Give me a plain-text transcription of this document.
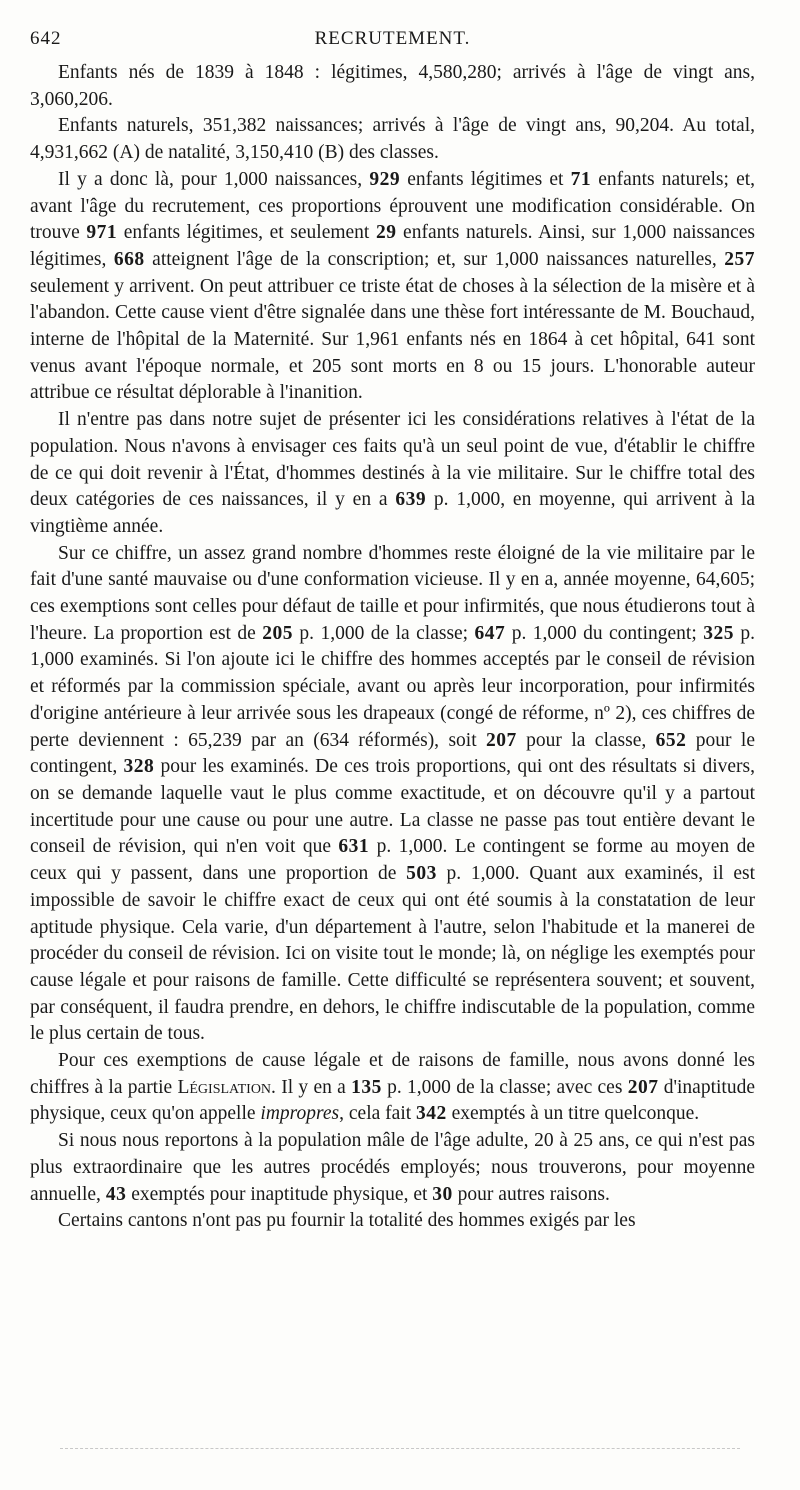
642	RECRUTEMENT.

Enfants nés de 1839 à 1848 : légitimes, 4,580,280; arrivés à l'âge de vingt ans, 3,060,206.

Enfants naturels, 351,382 naissances; arrivés à l'âge de vingt ans, 90,204. Au total, 4,931,662 (A) de natalité, 3,150,410 (B) des classes.

Il y a donc là, pour 1,000 naissances, 929 enfants légitimes et 71 enfants naturels; et, avant l'âge du recrutement, ces proportions éprouvent une modification considérable. On trouve 971 enfants légitimes, et seulement 29 enfants naturels. Ainsi, sur 1,000 naissances légitimes, 668 atteignent l'âge de la conscription; et, sur 1,000 naissances naturelles, 257 seulement y arrivent. On peut attribuer ce triste état de choses à la sélection de la misère et à l'abandon. Cette cause vient d'être signalée dans une thèse fort intéressante de M. Bouchaud, interne de l'hôpital de la Maternité. Sur 1,961 enfants nés en 1864 à cet hôpital, 641 sont venus avant l'époque normale, et 205 sont morts en 8 ou 15 jours. L'honorable auteur attribue ce résultat déplorable à l'inanition.

Il n'entre pas dans notre sujet de présenter ici les considérations relatives à l'état de la population. Nous n'avons à envisager ces faits qu'à un seul point de vue, d'établir le chiffre de ce qui doit revenir à l'État, d'hommes destinés à la vie militaire. Sur le chiffre total des deux catégories de ces naissances, il y en a 639 p. 1,000, en moyenne, qui arrivent à la vingtième année.

Sur ce chiffre, un assez grand nombre d'hommes reste éloigné de la vie militaire par le fait d'une santé mauvaise ou d'une conformation vicieuse. Il y en a, année moyenne, 64,605; ces exemptions sont celles pour défaut de taille et pour infirmités, que nous étudierons tout à l'heure. La proportion est de 205 p. 1,000 de la classe; 647 p. 1,000 du contingent; 325 p. 1,000 examinés. Si l'on ajoute ici le chiffre des hommes acceptés par le conseil de révision et réformés par la commission spéciale, avant ou après leur incorporation, pour infirmités d'origine antérieure à leur arrivée sous les drapeaux (congé de réforme, nº 2), ces chiffres de perte deviennent : 65,239 par an (634 réformés), soit 207 pour la classe, 652 pour le contingent, 328 pour les examinés. De ces trois proportions, qui ont des résultats si divers, on se demande laquelle vaut le plus comme exactitude, et on découvre qu'il y a partout incertitude pour une cause ou pour une autre. La classe ne passe pas tout entière devant le conseil de révision, qui n'en voit que 631 p. 1,000. Le contingent se forme au moyen de ceux qui y passent, dans une proportion de 503 p. 1,000. Quant aux examinés, il est impossible de savoir le chiffre exact de ceux qui ont été soumis à la constatation de leur aptitude physique. Cela varie, d'un département à l'autre, selon l'habitude et la manerei de procéder du conseil de révision. Ici on visite tout le monde; là, on néglige les exemptés pour cause légale et pour raisons de famille. Cette difficulté se représentera souvent; et souvent, par conséquent, il faudra prendre, en dehors, le chiffre indiscutable de la population, comme le plus certain de tous.

Pour ces exemptions de cause légale et de raisons de famille, nous avons donné les chiffres à la partie Législation. Il y en a 135 p. 1,000 de la classe; avec ces 207 d'inaptitude physique, ceux qu'on appelle impropres, cela fait 342 exemptés à un titre quelconque.

Si nous nous reportons à la population mâle de l'âge adulte, 20 à 25 ans, ce qui n'est pas plus extraordinaire que les autres procédés employés; nous trouverons, pour moyenne annuelle, 43 exemptés pour inaptitude physique, et 30 pour autres raisons.

Certains cantons n'ont pas pu fournir la totalité des hommes exigés par les
